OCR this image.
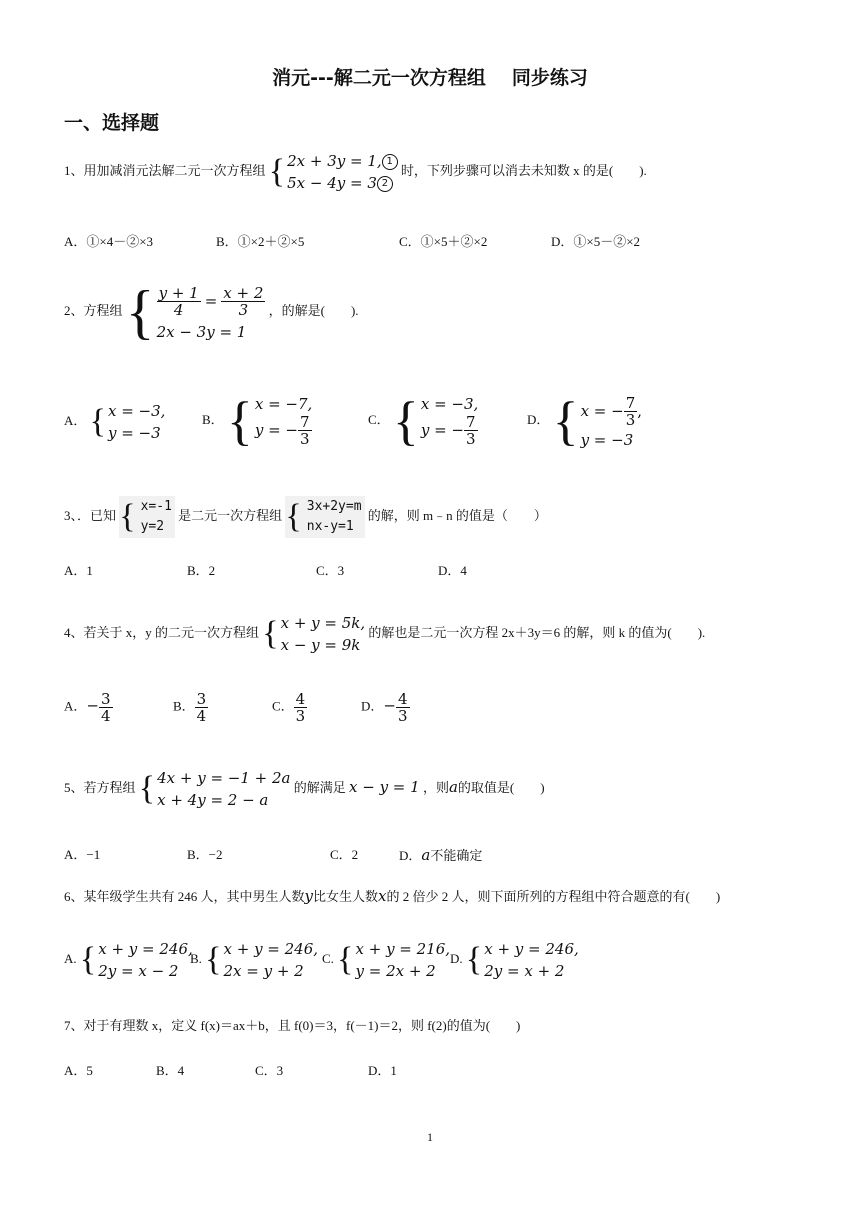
消元---解二元一次方程组 同步练习
一、选择题
1、用加减消元法解二元一次方程组 { 2x + 3y = 1, 1
5x − 4y = 3 2
时，下列步骤可以消去未知数 x 的是(　　).
A．①×4－②×3	B．①×2＋②×5	C．①×5＋②×2	D．①×5－②×2
2、方程组 { $\frac{y + 1}{4} = \frac{x + 2}{3}$
2x − 3y = 1
，的解是(　　).
A． { x = −3,
y = −3
B． { x = −7,
y = − $\frac{7}{3}$	C． { x = −3,
y = − $\frac{7}{3}$	D． { x = − $\frac{7}{3}$ ,
y = −3
3、．已知 { x=-1
y=2
是二元一次方程组 { 3x+2y=m
nx-y=1
的解，则 m﹣n 的值是（　　）
A．1	B．2	C．3	D．4
4、若关于 x，y 的二元一次方程组 { x + y = 5k,
x − y = 9k
的解也是二元一次方程 2x＋3y＝6 的解，则 k 的值为(　　).
A．− $\frac{3}{4}$	B． $\frac{3}{4}$	C． $\frac{4}{3}$	D．− $\frac{4}{3}$
5、若方程组 { 4x + y = −1 + 2a
x + 4y = 2 − a
的解满足 x − y = 1 ，则a的取值是(　　)
A．−1	B．−2	C．2	D．a不能确定
6、某年级学生共有 246 人，其中男生人数y比女生人数x的 2 倍少 2 人，则下面所列的方程组中符合题意的有(　　)
A. { x + y = 246,
2y = x − 2
B. { x + y = 246,
2x = y + 2
C. { x + y = 216,
y = 2x + 2
D. { x + y = 246,
2y = x + 2
7、对于有理数 x，定义 f(x)＝ax＋b，且 f(0)＝3，f(－1)＝2，则 f(2)的值为(　　)
A．5	B．4	C．3	D．1
1
